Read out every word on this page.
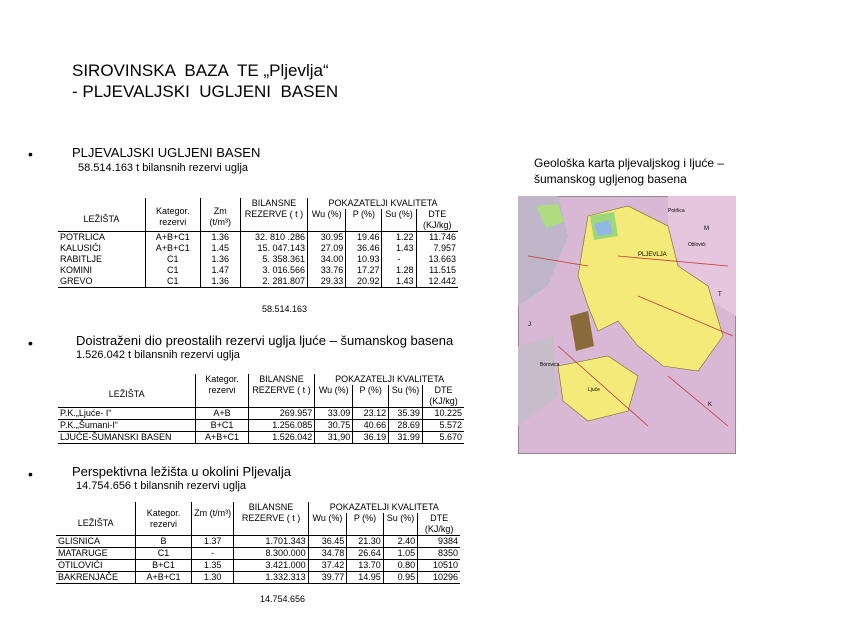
SIROVINSKA  BAZA  TE „Pljevlja“
- PLJEVALJSKI  UGLJENI  BASEN
•	PLJEVALJSKI UGLJENI BASEN
58.514.163 t bilansnih rezervi uglja
LEŽIŠTA	Kategor. rezervi	Zm (t/m³)	BILANSNE REZERVE ( t )	POKAZATELJI KVALITETA			
				Wu (%)	P (%)	Su (%)	DTE (KJ/kg)
POTRLICA	A+B+C1	1.36	32. 810 .286	30.95	19.46	1.22	11.746
KALUSIĆI	A+B+C1	1.45	15. 047.143	27.09	36.46	1.43	7.957
RABITLJE	C1	1.36	5. 358.361	34.00	10.93	-	13.663
KOMINI	C1	1.47	3. 016.566	33.76	17.27	1.28	11.515
GREVO	C1	1.36	2. 281.807	29.33	20.92	1.43	12.442
58.514.163
•	Doistraženi dio preostalih rezervi uglja ljuće – šumanskog basena
1.526.042 t bilansnih rezervi uglja
LEŽIŠTA	Kategor. rezervi	BILANSNE REZERVE ( t )	POKAZATELJI KVALITETA			
			Wu (%)	P (%)	Su (%)	DTE (KJ/kg)
P.K.„Ljuće- I“	A+B	269.957	33.09	23.12	35.39	10.225
P.K.„Šumani-I“	B+C1	1.256.085	30.75	40.66	28.69	5.572
LJUĆE-ŠUMANSKI BASEN	A+B+C1	1.526.042	31,90	36.19	31.99	5.670
•	Perspektivna ležišta u okolini Pljevalja
14.754.656 t bilansnih rezervi uglja
LEŽIŠTA	Kategor. rezervi	Zm (t/m³)	BILANSNE REZERVE ( t )	POKAZATELJI KVALITETA			
				Wu (%)	P (%)	Su (%)	DTE (KJ/kg)
GLISNICA	B	1.37	1.701.343	36.45	21.30	2.40	9384
MATARUGE	C1	-	8.300.000	34.78	26.64	1.05	8350
OTILOVIĆI	B+C1	1.35	3.421.000	37.42	13.70	0.80	10510
BAKRENJAČE	A+B+C1	1.30	1.332.313	39.77	14.95	0.95	10296
14.754.656
Geološka karta pljevaljskog i ljuće – šumanskog ugljenog basena
PLJEVLJA
Otilovići
Potrlica
Borovica
Ljuće
T
M
J
K
